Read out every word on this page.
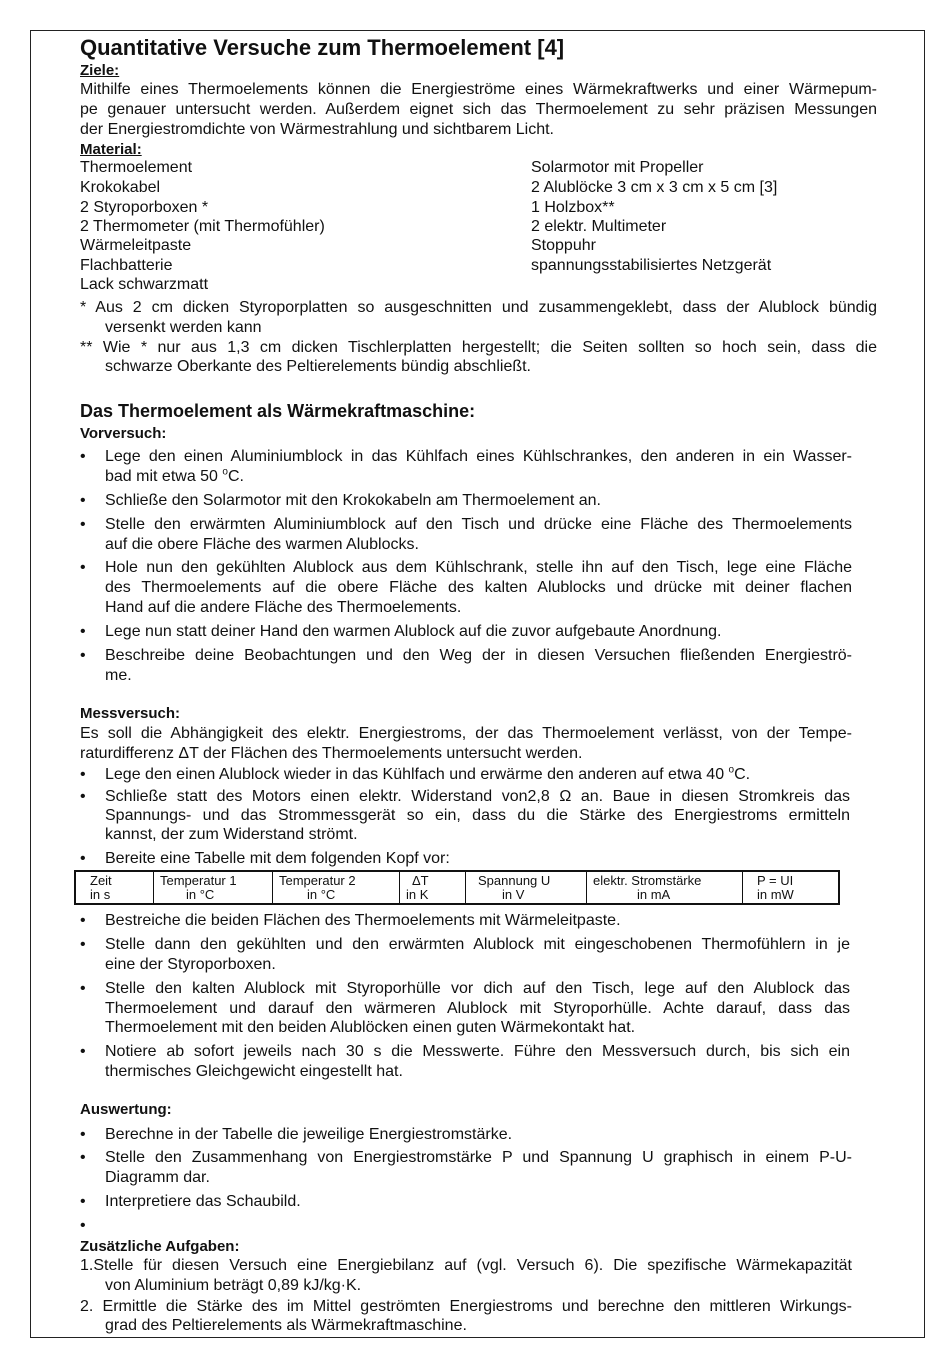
Quantitative Versuche zum Thermoelement [4]
Ziele:
Mithilfe eines Thermoelements können die Energieströme eines Wärmekraftwerks und einer Wärmepum-
pe genauer untersucht werden. Außerdem eignet sich das Thermoelement zu sehr präzisen Messungen
der Energiestromdichte von Wärmestrahlung und sichtbarem Licht.
Material:
Thermoelement
Krokokabel
2 Styroporboxen *
2 Thermometer (mit Thermofühler)
Wärmeleitpaste
Flachbatterie
Lack schwarzmatt
Solarmotor mit Propeller
2 Alublöcke 3 cm x 3 cm x 5 cm [3]
1 Holzbox**
2 elektr. Multimeter
Stoppuhr
spannungsstabilisiertes Netzgerät
* Aus 2 cm dicken Styroporplatten so ausgeschnitten und zusammengeklebt, dass der Alublock bündig
versenkt werden kann
** Wie * nur aus 1,3 cm dicken Tischlerplatten hergestellt; die Seiten sollten so hoch sein, dass die
schwarze Oberkante des Peltierelements bündig abschließt.
Das Thermoelement als Wärmekraftmaschine:
Vorversuch:
•
Lege den einen Aluminiumblock in das Kühlfach eines Kühlschrankes, den anderen in ein Wasser-
bad mit etwa 50 $^o$C.
•
Schließe den Solarmotor mit den Krokokabeln am Thermoelement an.
•
Stelle den erwärmten Aluminiumblock auf den Tisch und drücke eine Fläche des Thermoelements
auf die obere Fläche des warmen Alublocks.
•
Hole nun den gekühlten Alublock aus dem Kühlschrank, stelle ihn auf den Tisch, lege eine Fläche
des Thermoelements auf die obere Fläche des kalten Alublocks und drücke mit deiner flachen
Hand auf die andere Fläche des Thermoelements.
•
Lege nun statt deiner Hand den warmen Alublock auf die zuvor aufgebaute Anordnung.
•
Beschreibe deine Beobachtungen und den Weg der in diesen Versuchen fließenden Energieströ-
me.
Messversuch:
Es soll die Abhängigkeit des elektr. Energiestroms, der das Thermoelement verlässt, von der Tempe-
raturdifferenz ΔT der Flächen des Thermoelements untersucht werden.
•
Lege den einen Alublock wieder in das Kühlfach und erwärme den anderen auf etwa 40 $^o$C.
•
Schließe statt des Motors einen elektr. Widerstand von2,8 Ω an. Baue in diesen Stromkreis das
Spannungs- und das Strommessgerät so ein, dass du die Stärke des Energiestroms ermitteln
kannst, der zum Widerstand strömt.
•
Bereite eine Tabelle mit dem folgenden Kopf vor:
Zeit
in s
Temperatur 1
in °C
Temperatur 2
in °C
ΔT
in K
Spannung U
in V
elektr. Stromstärke
in mA
P = UI
in mW
•
Bestreiche die beiden Flächen des Thermoelements mit Wärmeleitpaste.
•
Stelle dann den gekühlten und den erwärmten Alublock mit eingeschobenen Thermofühlern in je
eine der Styroporboxen.
•
Stelle den kalten Alublock mit Styroporhülle vor dich auf den Tisch, lege auf den Alublock das
Thermoelement und darauf den wärmeren Alublock mit Styroporhülle. Achte darauf, dass das
Thermoelement mit den beiden Alublöcken einen guten Wärmekontakt hat.
•
Notiere ab sofort jeweils nach 30 s die Messwerte. Führe den Messversuch durch, bis sich ein
thermisches Gleichgewicht eingestellt hat.
Auswertung:
•
Berechne in der Tabelle die jeweilige Energiestromstärke.
•
Stelle den Zusammenhang von Energiestromstärke P und Spannung U graphisch in einem P-U-
Diagramm dar.
•
Interpretiere das Schaubild.
•
Zusätzliche Aufgaben:
1.Stelle für diesen Versuch eine Energiebilanz auf (vgl. Versuch 6). Die spezifische Wärmekapazität
von Aluminium beträgt 0,89 kJ/kg·K.
2. Ermittle die Stärke des im Mittel geströmten Energiestroms und berechne den mittleren Wirkungs-
grad des Peltierelements als Wärmekraftmaschine.
